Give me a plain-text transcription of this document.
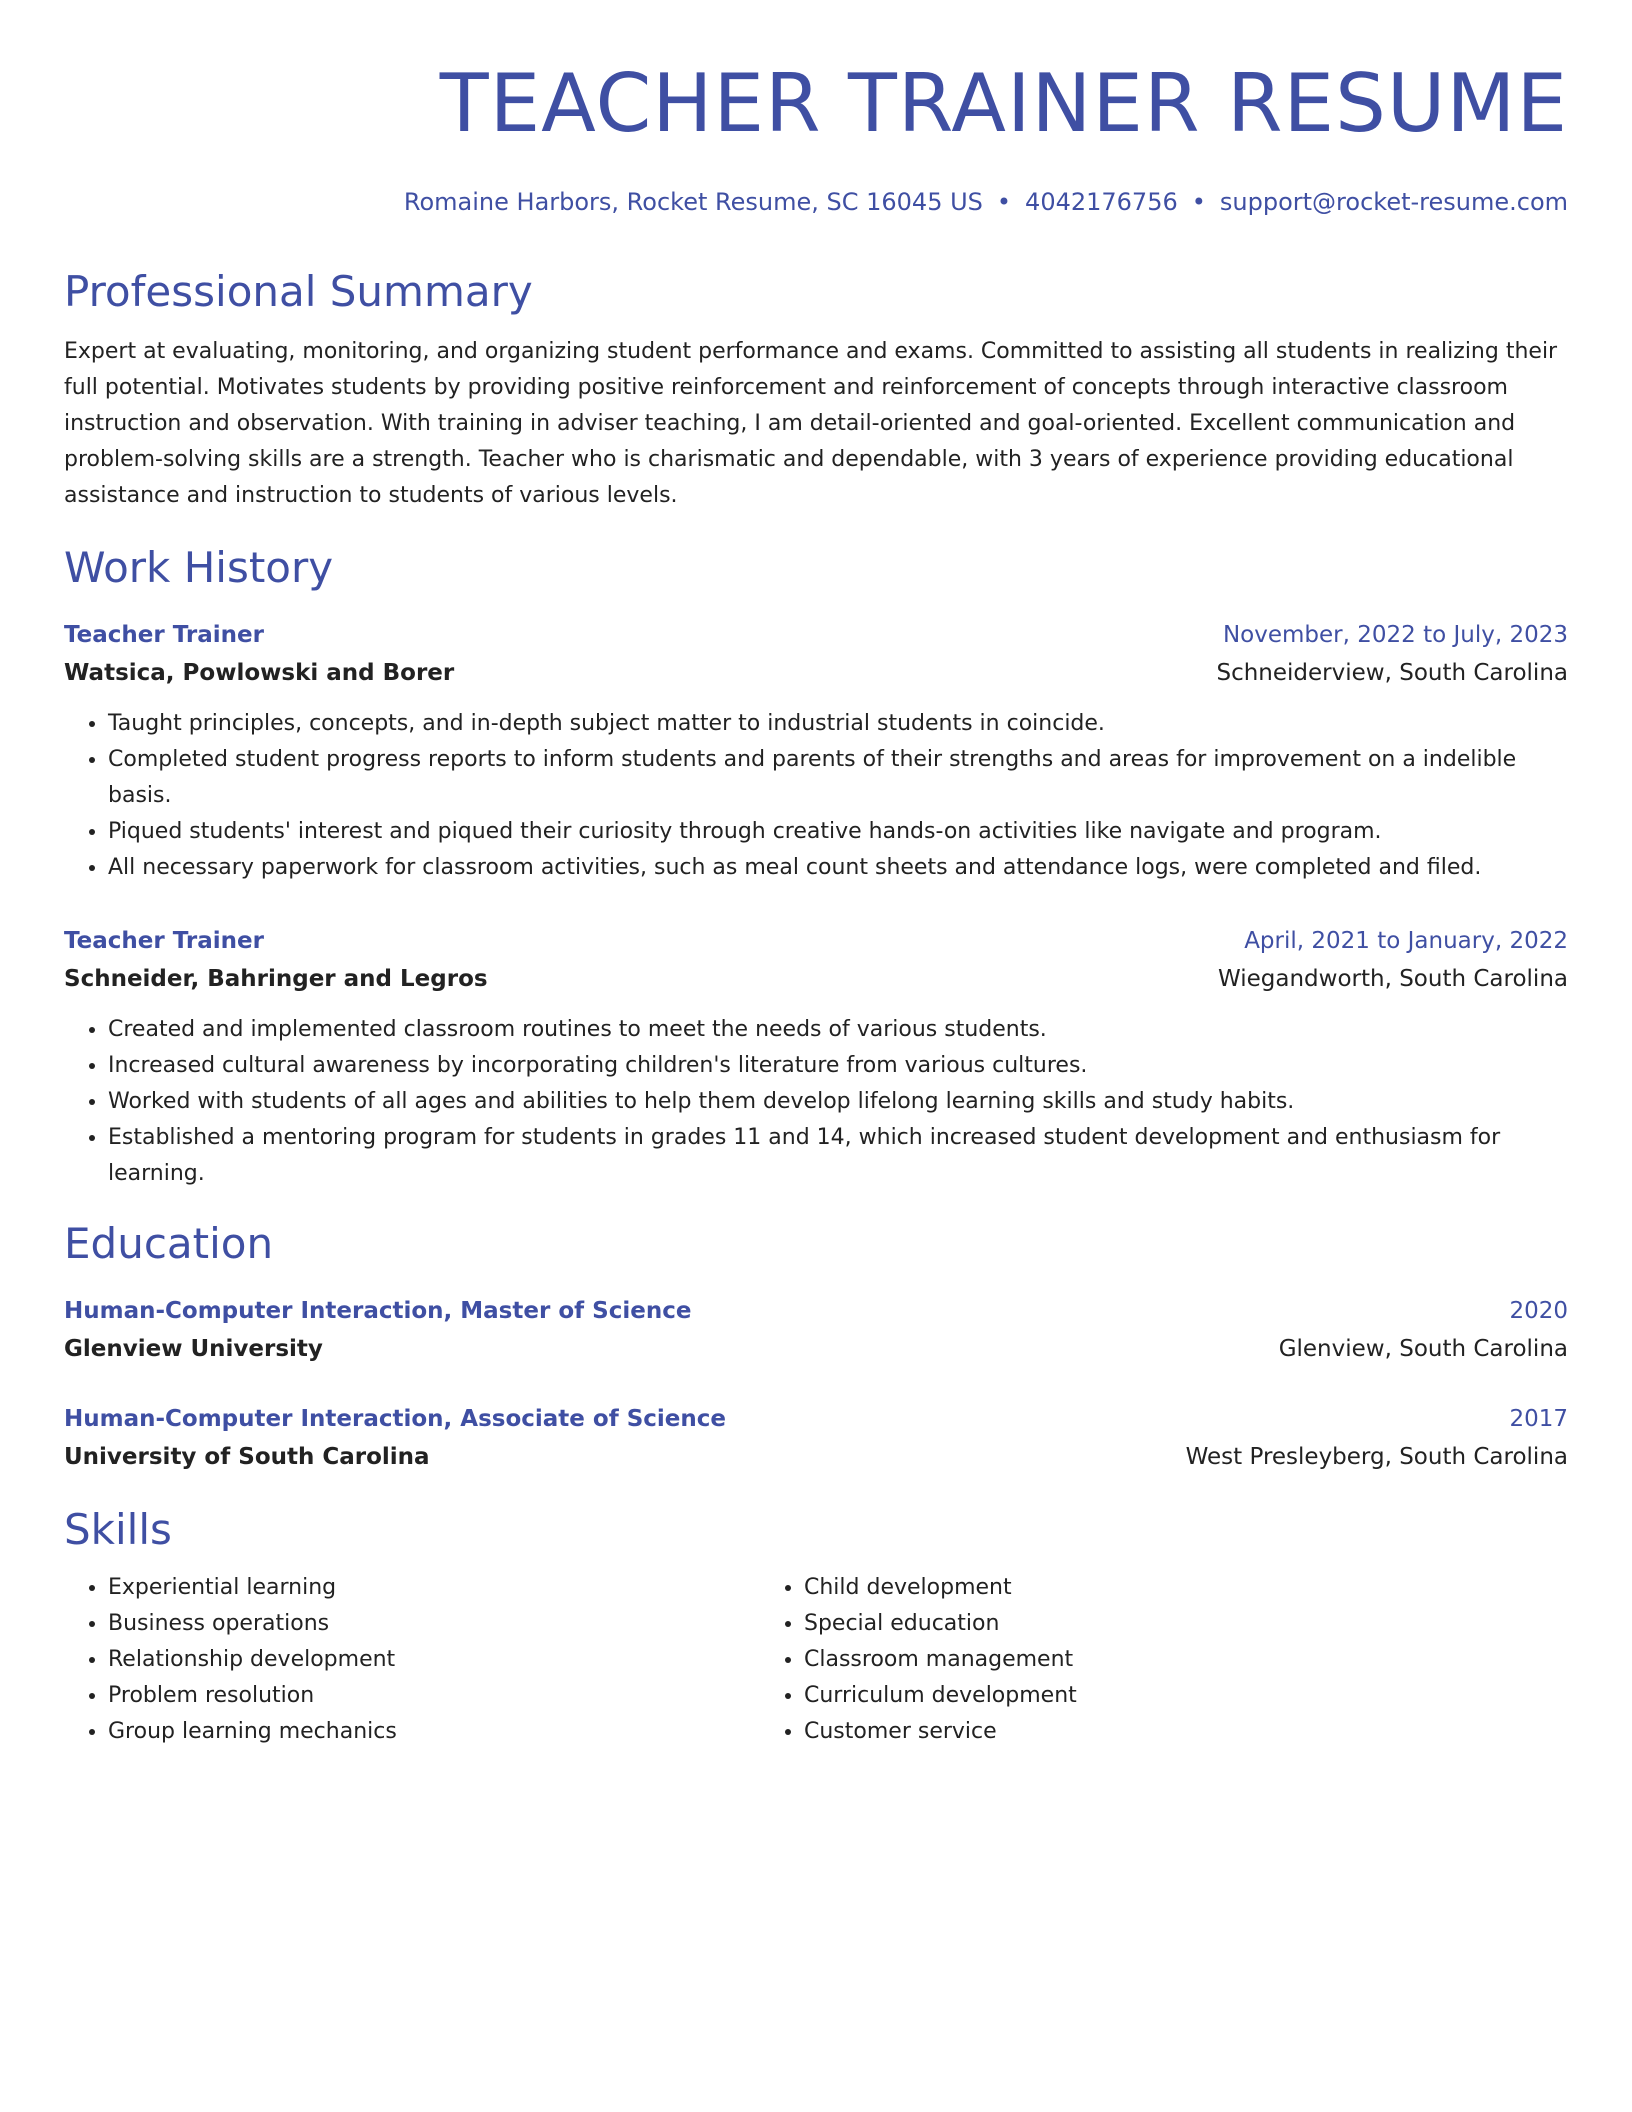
TEACHER TRAINER RESUME
Romaine Harbors, Rocket Resume, SC 16045 US • 4042176756 • support@rocket-resume.com
Professional Summary
Expert at evaluating, monitoring, and organizing student performance and exams. Committed to assisting all students in realizing their full potential. Motivates students by providing positive reinforcement and reinforcement of concepts through interactive classroom instruction and observation. With training in adviser teaching, I am detail-oriented and goal-oriented. Excellent communication and problem-solving skills are a strength. Teacher who is charismatic and dependable, with 3 years of experience providing educational assistance and instruction to students of various levels.
Work History
Teacher Trainer	November, 2022 to July, 2023
Watsica, Powlowski and Borer	Schneiderview, South Carolina
• Taught principles, concepts, and in-depth subject matter to industrial students in coincide.
• Completed student progress reports to inform students and parents of their strengths and areas for improvement on a indelible basis.
• Piqued students' interest and piqued their curiosity through creative hands-on activities like navigate and program.
• All necessary paperwork for classroom activities, such as meal count sheets and attendance logs, were completed and filed.
Teacher Trainer	April, 2021 to January, 2022
Schneider, Bahringer and Legros	Wiegandworth, South Carolina
• Created and implemented classroom routines to meet the needs of various students.
• Increased cultural awareness by incorporating children's literature from various cultures.
• Worked with students of all ages and abilities to help them develop lifelong learning skills and study habits.
• Established a mentoring program for students in grades 11 and 14, which increased student development and enthusiasm for learning.
Education
Human-Computer Interaction, Master of Science	2020
Glenview University	Glenview, South Carolina
Human-Computer Interaction, Associate of Science	2017
University of South Carolina	West Presleyberg, South Carolina
Skills
• Experiential learning
• Business operations
• Relationship development
• Problem resolution
• Group learning mechanics
• Child development
• Special education
• Classroom management
• Curriculum development
• Customer service
